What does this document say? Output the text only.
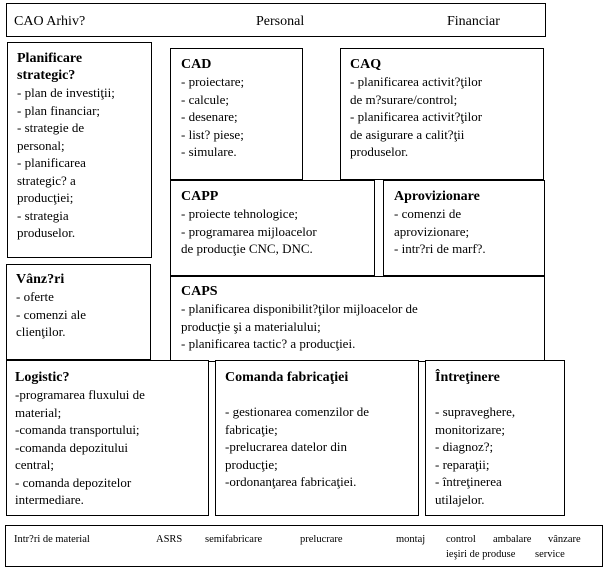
CAO Arhiv?	Personal	Financiar
Planificare
strategic?
- plan de investiţii;
- plan financiar;
- strategie de
personal;
- planificarea
strategic? a
producţiei;
- strategia
produselor.
CAD
- proiectare;
- calcule;
- desenare;
- list? piese;
- simulare.
CAQ
- planificarea activit?ţilor
de m?surare/control;
- planificarea activit?ţilor
de asigurare a calit?ţii
produselor.
CAPP
- proiecte tehnologice;
- programarea mijloacelor
de producţie CNC, DNC.
Aprovizionare
- comenzi de
aprovizionare;
- intr?ri de marf?.
Vânz?ri
- oferte
- comenzi ale
clienţilor.
CAPS
- planificarea disponibilit?ţilor mijloacelor de
producţie şi a materialului;
- planificarea tactic? a producţiei.
Logistic?
-programarea fluxului de
material;
-comanda transportului;
-comanda depozitului
central;
- comanda depozitelor
intermediare.
Comanda fabricaţiei
- gestionarea comenzilor de
fabricaţie;
-prelucrarea datelor din
producţie;
-ordonanţarea fabricaţiei.
Întreţinere
- supraveghere,
monitorizare;
- diagnoz?;
- reparaţii;
- întreţinerea
utilajelor.
Intr?ri de material	ASRS semifabricare	prelucrare	montaj control ambalare vânzare
ieşiri de produse service
